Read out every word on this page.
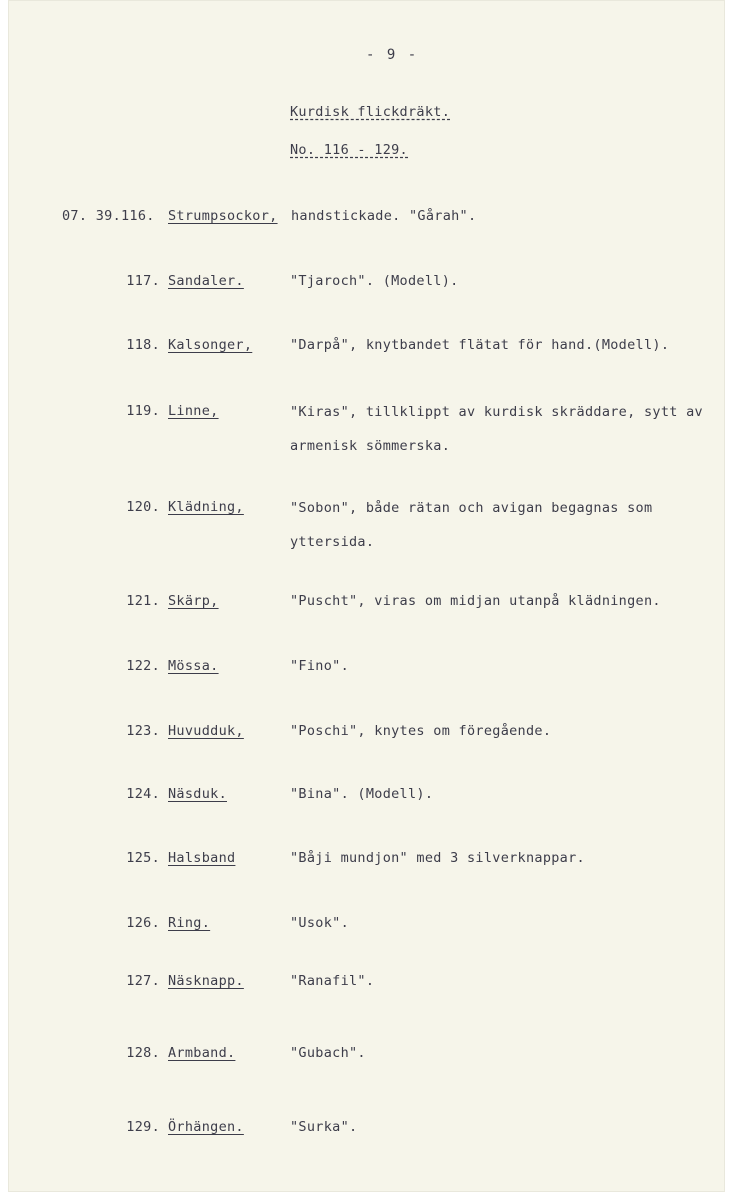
- 9 -
Kurdisk flickdräkt.
No. 116 - 129.
07. 39.116. Strumpsockor, handstickade. "Gårah".
117. Sandaler.	"Tjaroch". (Modell).
118. Kalsonger,	"Darpå", knytbandet flätat för hand.(Modell).
119. Linne,	"Kiras", tillklippt av kurdisk skräddare, sytt av armenisk sömmerska.
120. Klädning,	"Sobon", både rätan och avigan begagnas som yttersida.
121. Skärp,	"Puscht", viras om midjan utanpå klädningen.
122. Mössa.	"Fino".
123. Huvudduk,	"Poschi", knytes om föregående.
124. Näsduk.	"Bina". (Modell).
125. Halsband	"Båji mundjon" med 3 silverknappar.
126. Ring.	"Usok".
127. Näsknapp.	"Ranafil".
128. Armband.	"Gubach".
129. Örhängen.	"Surka".
